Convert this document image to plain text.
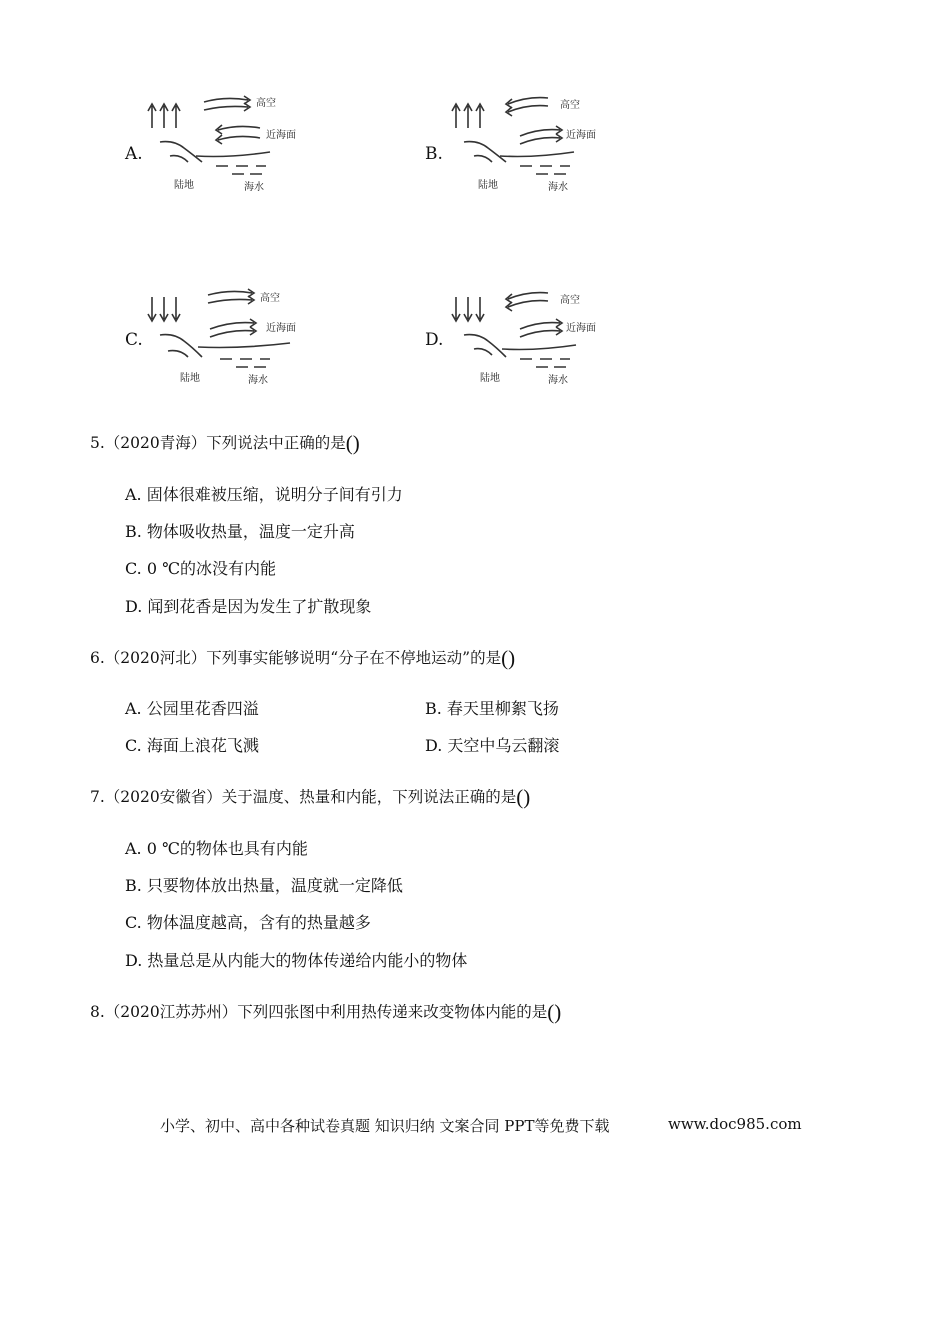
A.
高空
近海面
陆地	海水
B.
高空
近海面
陆地	海水
C.
高空
近海面
陆地	海水
D.
高空
近海面
陆地	海水
5.（2020青海）下列说法中正确的是()
A. 固体很难被压缩，说明分子间有引力
B. 物体吸收热量，温度一定升高
C. 0 ℃的冰没有内能
D. 闻到花香是因为发生了扩散现象
6.（2020河北）下列事实能够说明“分子在不停地运动”的是()
A. 公园里花香四溢	B. 春天里柳絮飞扬
C. 海面上浪花飞溅	D. 天空中乌云翻滚
7.（2020安徽省）关于温度、热量和内能，下列说法正确的是()
A. 0 ℃的物体也具有内能
B. 只要物体放出热量，温度就一定降低
C. 物体温度越高，含有的热量越多
D. 热量总是从内能大的物体传递给内能小的物体
8.（2020江苏苏州）下列四张图中利用热传递来改变物体内能的是()
小学、初中、高中各种试卷真题 知识归纳 文案合同 PPT等免费下载	www.doc985.com
